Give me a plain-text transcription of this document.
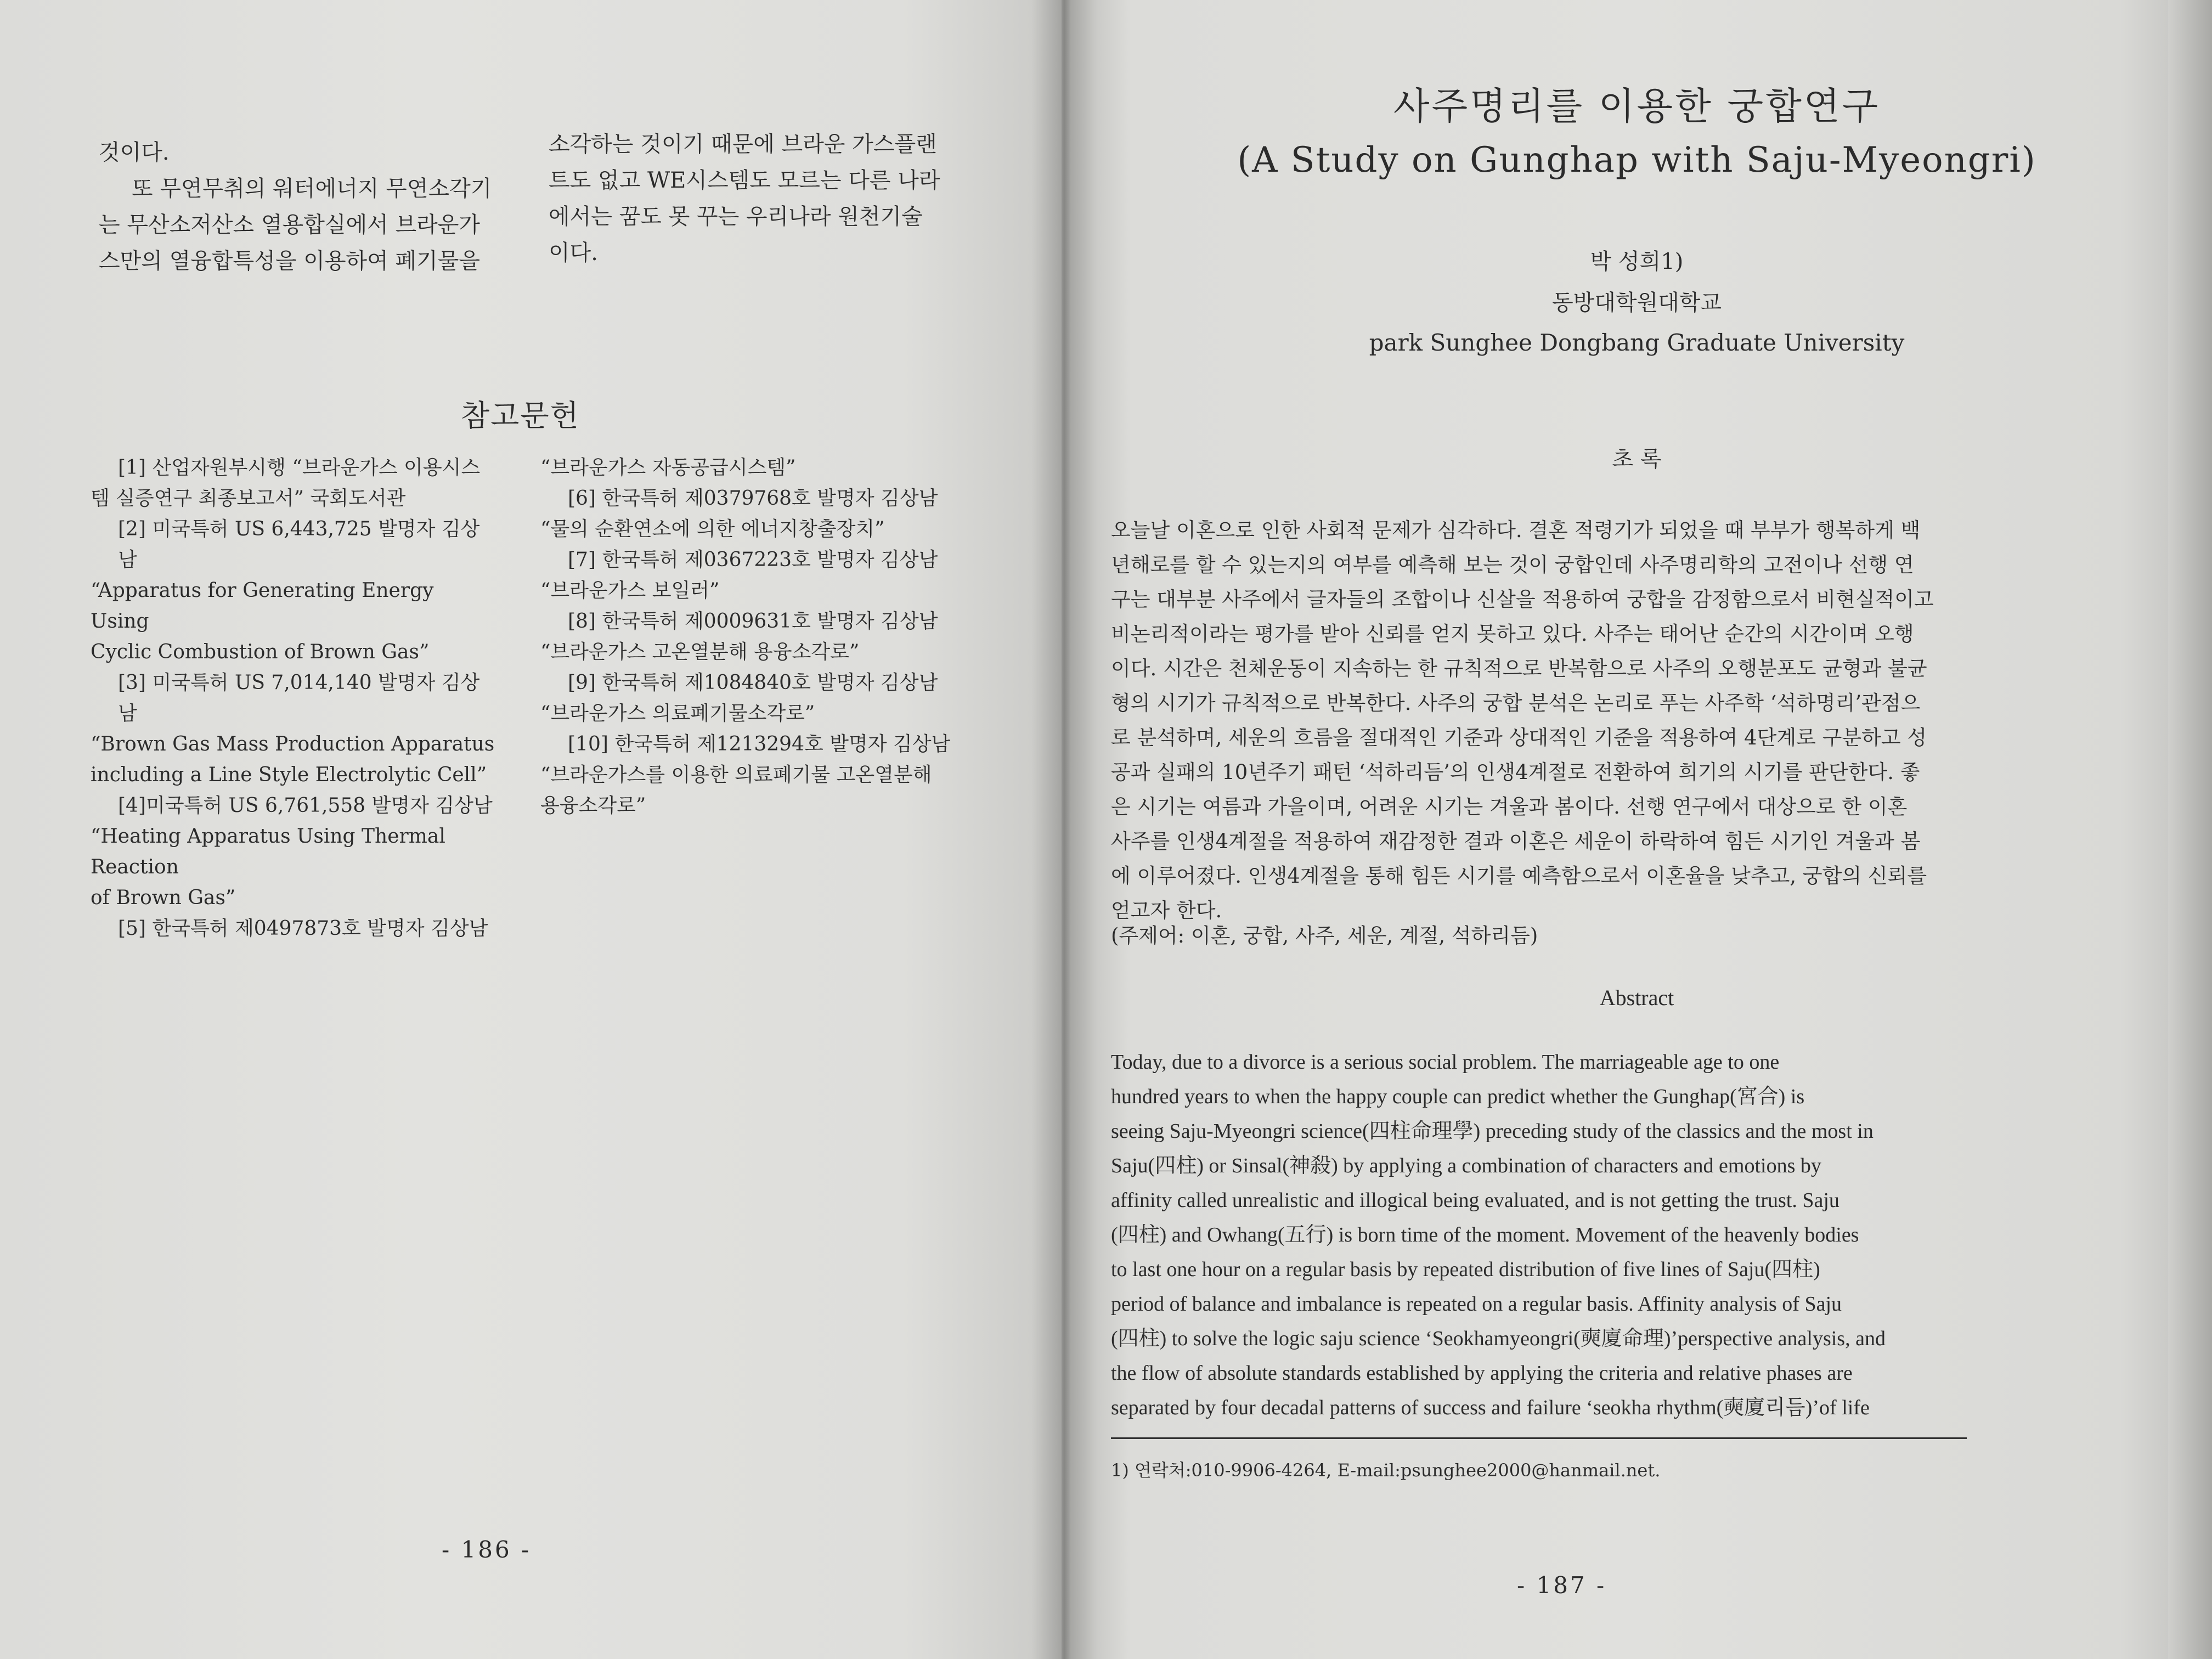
것이다.

또 무연무취의 워터에너지 무연소각기

는 무산소저산소 열용합실에서 브라운가

스만의 열융합특성을 이용하여 폐기물을

소각하는 것이기 때문에 브라운 가스플랜

트도 없고 WE시스템도 모르는 다른 나라

에서는 꿈도 못 꾸는 우리나라 원천기술

이다.

참고문헌

[1] 산업자원부시행 “브라운가스 이용시스

템 실증연구 최종보고서” 국회도서관

[2] 미국특허 US 6,443,725 발명자 김상남

“Apparatus for Generating Energy Using

Cyclic Combustion of Brown Gas”

[3] 미국특허 US 7,014,140 발명자 김상남

“Brown Gas Mass Production Apparatus

including a Line Style Electrolytic Cell”

[4]미국특허 US 6,761,558 발명자 김상남

“Heating Apparatus Using Thermal Reaction

of Brown Gas”

[5] 한국특허 제0497873호 발명자 김상남

“브라운가스 자동공급시스템”

[6] 한국특허 제0379768호 발명자 김상남

“물의 순환연소에 의한 에너지창출장치”

[7] 한국특허 제0367223호 발명자 김상남

“브라운가스 보일러”

[8] 한국특허 제0009631호 발명자 김상남

“브라운가스 고온열분해 용융소각로”

[9] 한국특허 제1084840호 발명자 김상남

“브라운가스 의료폐기물소각로”

[10] 한국특허 제1213294호 발명자 김상남

“브라운가스를 이용한 의료폐기물 고온열분해

용융소각로”

- 186 -
사주명리를 이용한 궁합연구
(A Study on Gunghap with Saju-Myeongri)
박 성희1)
동방대학원대학교
park Sunghee Dongbang Graduate University
초 록
오늘날 이혼으로 인한 사회적 문제가 심각하다. 결혼 적령기가 되었을 때 부부가 행복하게 백
년해로를 할 수 있는지의 여부를 예측해 보는 것이 궁합인데 사주명리학의 고전이나 선행 연
구는 대부분 사주에서 글자들의 조합이나 신살을 적용하여 궁합을 감정함으로서 비현실적이고
비논리적이라는 평가를 받아 신뢰를 얻지 못하고 있다. 사주는 태어난 순간의 시간이며 오행
이다. 시간은 천체운동이 지속하는 한 규칙적으로 반복함으로 사주의 오행분포도 균형과 불균
형의 시기가 규칙적으로 반복한다. 사주의 궁합 분석은 논리로 푸는 사주학 ‘석하명리’관점으
로 분석하며, 세운의 흐름을 절대적인 기준과 상대적인 기준을 적용하여 4단계로 구분하고 성
공과 실패의 10년주기 패턴 ‘석하리듬’의 인생4계절로 전환하여 희기의 시기를 판단한다. 좋
은 시기는 여름과 가을이며, 어려운 시기는 겨울과 봄이다. 선행 연구에서 대상으로 한 이혼
사주를 인생4계절을 적용하여 재감정한 결과 이혼은 세운이 하락하여 힘든 시기인 겨울과 봄
에 이루어졌다. 인생4계절을 통해 힘든 시기를 예측함으로서 이혼율을 낮추고, 궁합의 신뢰를
얻고자 한다.
(주제어: 이혼, 궁합, 사주, 세운, 계절, 석하리듬)
Abstract
Today, due to a divorce is a serious social problem. The marriageable age to one
hundred years to when the happy couple can predict whether the Gunghap(宮合) is
seeing Saju-Myeongri science(四柱命理學) preceding study of the classics and the most in
Saju(四柱) or Sinsal(神殺) by applying a combination of characters and emotions by
affinity called unrealistic and illogical being evaluated, and is not getting the trust. Saju
(四柱) and Owhang(五行) is born time of the moment. Movement of the heavenly bodies
to last one hour on a regular basis by repeated distribution of five lines of Saju(四柱)
period of balance and imbalance is repeated on a regular basis. Affinity analysis of Saju
(四柱) to solve the logic saju science ‘Seokhamyeongri(奭廈命理)’perspective analysis, and
the flow of absolute standards established by applying the criteria and relative phases are
separated by four decadal patterns of success and failure ‘seokha rhythm(奭廈리듬)’of life
1) 연락처:010-9906-4264, E-mail:psunghee2000@hanmail.net.
- 187 -
